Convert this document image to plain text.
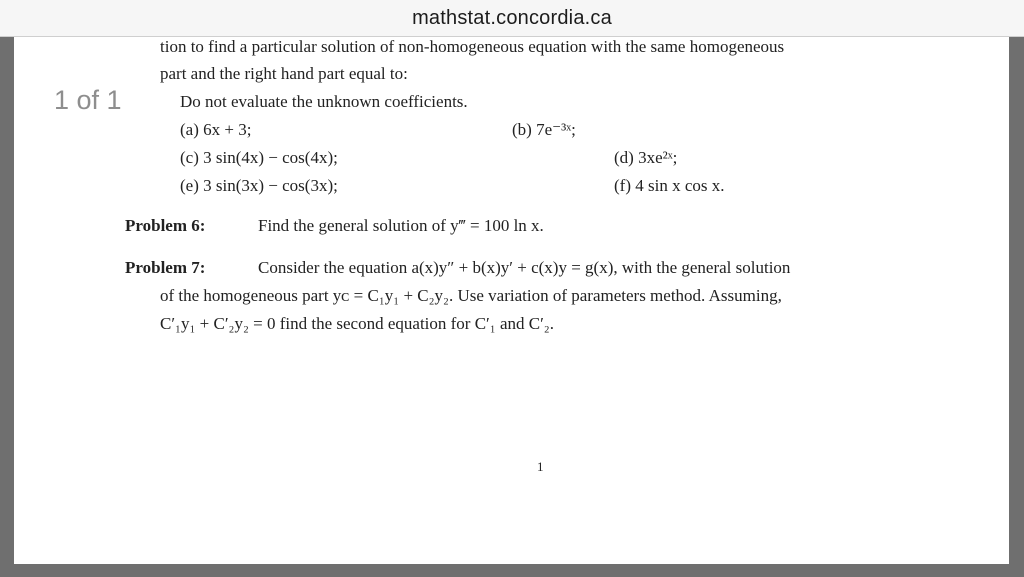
mathstat.concordia.ca
1 of 1
tion to find a particular solution of non-homogeneous equation with the same homogeneous
part and the right hand part equal to:
Do not evaluate the unknown coefficients.
(a) 6x + 3;	(b) 7e⁻³ˣ;
(c) 3 sin(4x) − cos(4x);	(d) 3xe²ˣ;
(e) 3 sin(3x) − cos(3x);	(f) 4 sin x cos x.
Problem 6:	Find the general solution of y‴ = 100 ln x.
Problem 7:	Consider the equation a(x)y″ + b(x)y′ + c(x)y = g(x), with the general solution
of the homogeneous part yᴄ = C₁y₁ + C₂y₂. Use variation of parameters method. Assuming,
C′₁y₁ + C′₂y₂ = 0 find the second equation for C′₁ and C′₂.
1
